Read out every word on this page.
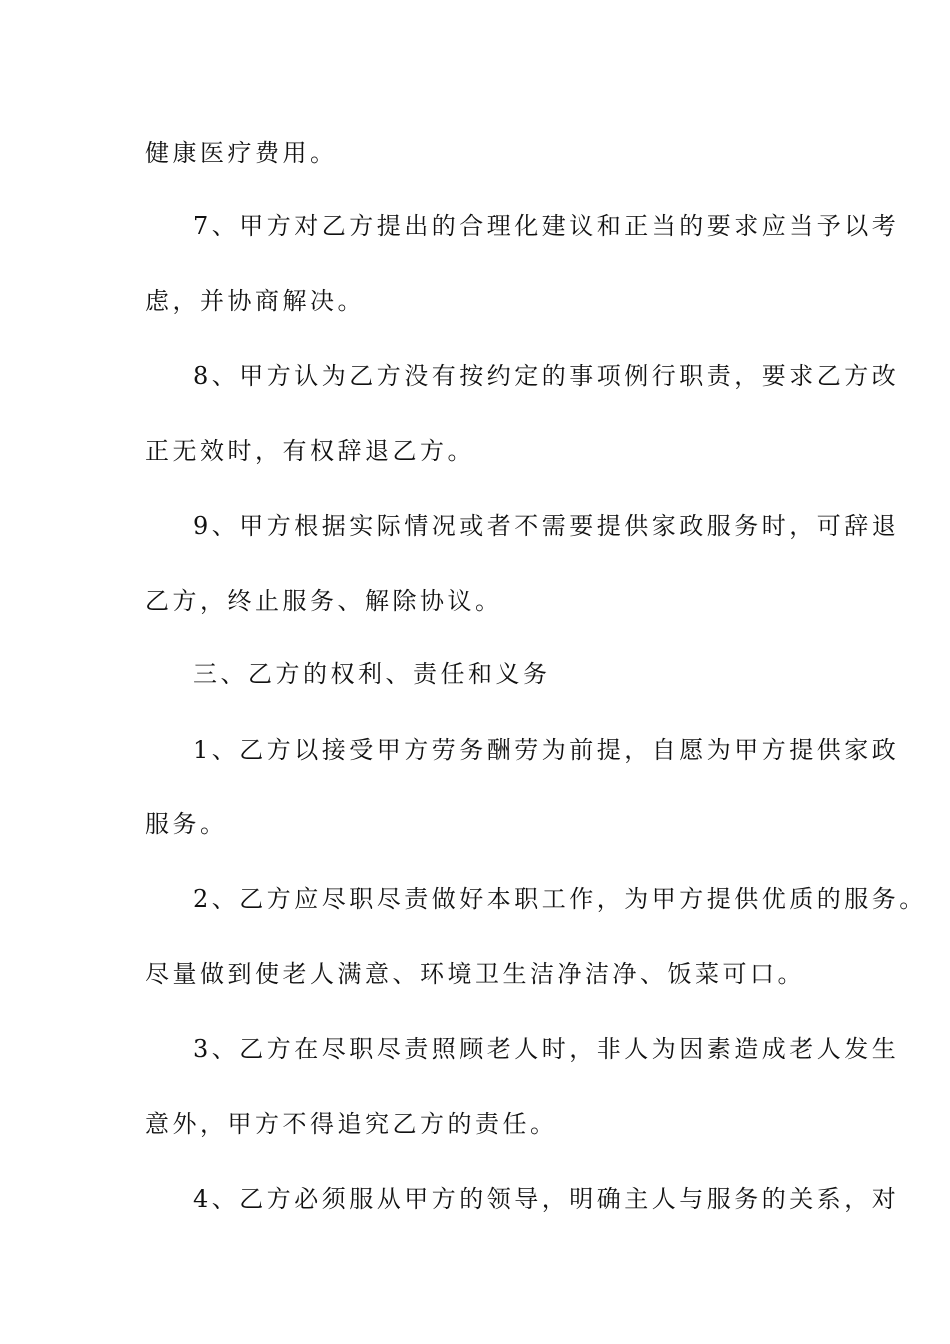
健康医疗费用。
7、甲方对乙方提出的合理化建议和正当的要求应当予以考
虑，并协商解决。
8、甲方认为乙方没有按约定的事项例行职责，要求乙方改
正无效时，有权辞退乙方。
9、甲方根据实际情况或者不需要提供家政服务时，可辞退
乙方，终止服务、解除协议。
三、乙方的权利、责任和义务
1、乙方以接受甲方劳务酬劳为前提，自愿为甲方提供家政
服务。
2、乙方应尽职尽责做好本职工作，为甲方提供优质的服务。
尽量做到使老人满意、环境卫生洁净洁净、饭菜可口。
3、乙方在尽职尽责照顾老人时，非人为因素造成老人发生
意外，甲方不得追究乙方的责任。
4、乙方必须服从甲方的领导，明确主人与服务的关系，对
